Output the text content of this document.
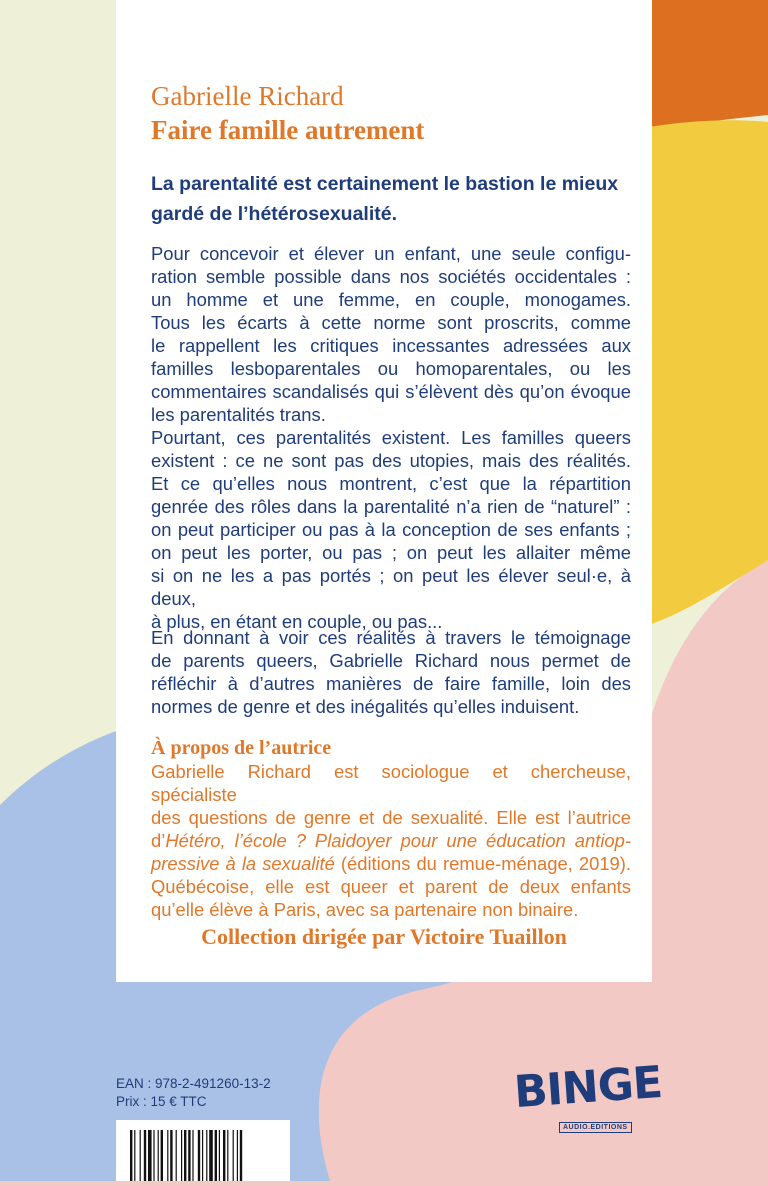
Gabrielle Richard
Faire famille autrement
La parentalité est certainement le bastion le mieux
gardé de l’hétérosexualité.
Pour concevoir et élever un enfant, une seule configu-
ration semble possible dans nos sociétés occidentales :
un homme et une femme, en couple, monogames.
Tous les écarts à cette norme sont proscrits, comme
le rappellent les critiques incessantes adressées aux
familles lesboparentales ou homoparentales, ou les
commentaires scandalisés qui s’élèvent dès qu’on évoque
les parentalités trans.
Pourtant, ces parentalités existent. Les familles queers
existent : ce ne sont pas des utopies, mais des réalités.
Et ce qu’elles nous montrent, c’est que la répartition
genrée des rôles dans la parentalité n’a rien de “naturel” :
on peut participer ou pas à la conception de ses enfants ;
on peut les porter, ou pas ; on peut les allaiter même
si on ne les a pas portés ; on peut les élever seul·e, à deux,
à plus, en étant en couple, ou pas...
En donnant à voir ces réalités à travers le témoignage
de parents queers, Gabrielle Richard nous permet de
réfléchir à d’autres manières de faire famille, loin des
normes de genre et des inégalités qu’elles induisent.
À propos de l’autrice
Gabrielle Richard est sociologue et chercheuse, spécialiste
des questions de genre et de sexualité. Elle est l’autrice
d’Hétéro, l’école ? Plaidoyer pour une éducation antiop-
pressive à la sexualité (éditions du remue-ménage, 2019).
Québécoise, elle est queer et parent de deux enfants
qu’elle élève à Paris, avec sa partenaire non binaire.
Collection dirigée par Victoire Tuaillon
EAN : 978-2-491260-13-2
Prix : 15 € TTC	BINGE
AUDIO.EDITIONS
